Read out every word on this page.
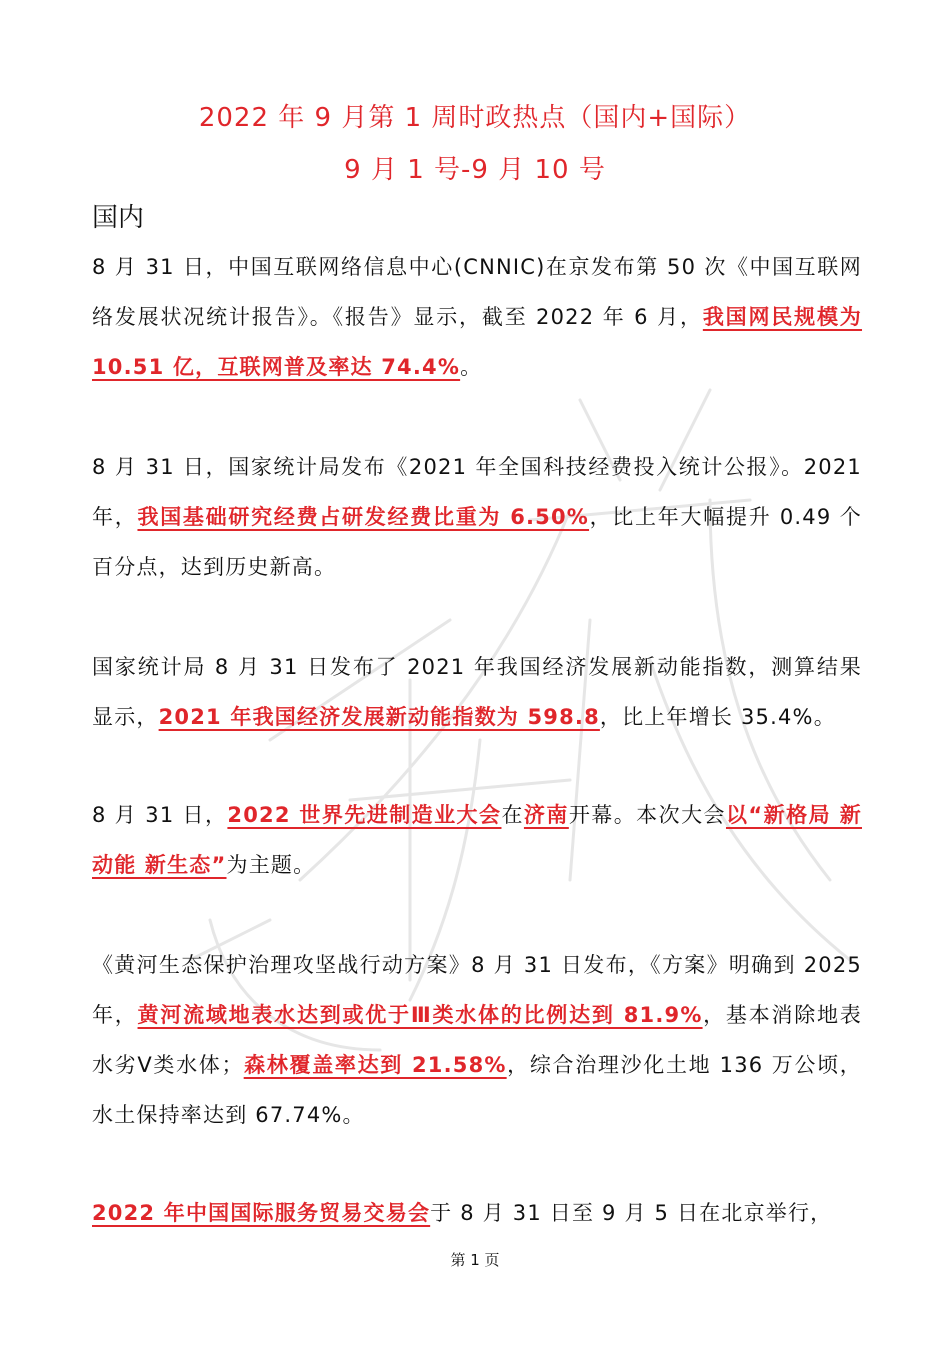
2022 年 9 月第 1 周时政热点（国内+国际）
9 月 1 号-9 月 10 号
国内

8 月 31 日，中国互联网络信息中心(CNNIC)在京发布第 50 次《中国互联网络发展状况统计报告》。《报告》显示，截至 2022 年 6 月，我国网民规模为 10.51 亿，互联网普及率达 74.4%。

8 月 31 日，国家统计局发布《2021 年全国科技经费投入统计公报》。2021 年，我国基础研究经费占研发经费比重为 6.50%，比上年大幅提升 0.49 个百分点，达到历史新高。

国家统计局 8 月 31 日发布了 2021 年我国经济发展新动能指数，测算结果显示，2021 年我国经济发展新动能指数为 598.8，比上年增长 35.4%。

8 月 31 日，2022 世界先进制造业大会在济南开幕。本次大会以“新格局 新动能 新生态”为主题。

《黄河生态保护治理攻坚战行动方案》8 月 31 日发布，《方案》明确到 2025 年，黄河流域地表水达到或优于Ⅲ类水体的比例达到 81.9%，基本消除地表水劣Ⅴ类水体；森林覆盖率达到 21.58%，综合治理沙化土地 136 万公顷，水土保持率达到 67.74%。

2022 年中国国际服务贸易交易会于 8 月 31 日至 9 月 5 日在北京举行，

第 1 页
